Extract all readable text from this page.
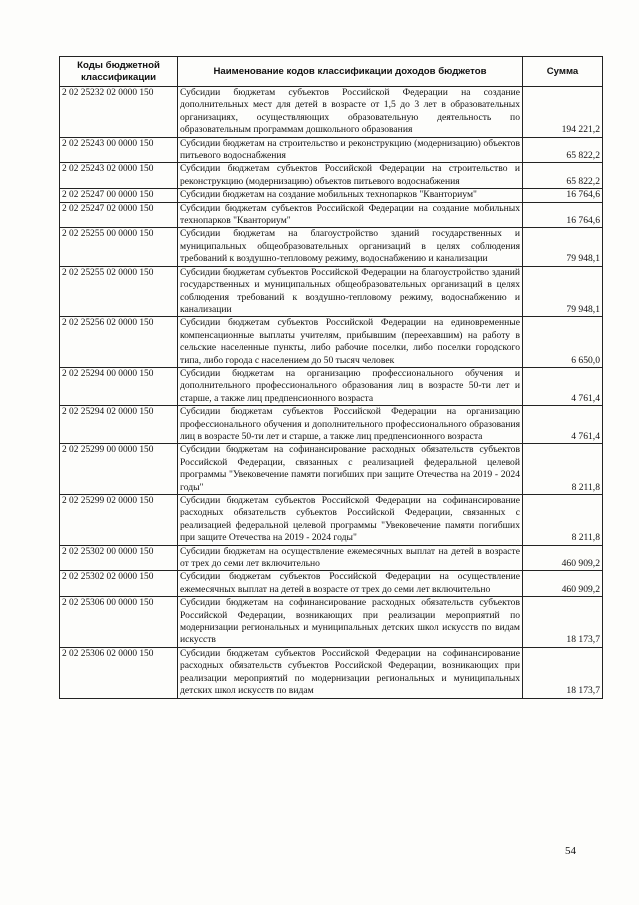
Коды бюджетной классификации	Наименование кодов классификации доходов бюджетов	Сумма
2 02 25232 02 0000 150	Субсидии бюджетам субъектов Российской Федерации на создание дополнительных мест для детей в возрасте от 1,5 до 3 лет в образовательных организациях, осуществляющих образовательную деятельность по образовательным программам дошкольного образования	194 221,2
2 02 25243 00 0000 150	Субсидии бюджетам на строительство и реконструкцию (модернизацию) объектов питьевого водоснабжения	65 822,2
2 02 25243 02 0000 150	Субсидии бюджетам субъектов Российской Федерации на строительство и реконструкцию (модернизацию) объектов питьевого водоснабжения	65 822,2
2 02 25247 00 0000 150	Субсидии бюджетам на создание мобильных технопарков "Кванториум"	16 764,6
2 02 25247 02 0000 150	Субсидии бюджетам субъектов Российской Федерации на создание мобильных технопарков "Кванториум"	16 764,6
2 02 25255 00 0000 150	Субсидии бюджетам на благоустройство зданий государственных и муниципальных общеобразовательных организаций в целях соблюдения требований к воздушно-тепловому режиму, водоснабжению и канализации	79 948,1
2 02 25255 02 0000 150	Субсидии бюджетам субъектов Российской Федерации на благоустройство зданий государственных и муниципальных общеобразовательных организаций в целях соблюдения требований к воздушно-тепловому режиму, водоснабжению и канализации	79 948,1
2 02 25256 02 0000 150	Субсидии бюджетам субъектов Российской Федерации на единовременные компенсационные выплаты учителям, прибывшим (переехавшим) на работу в сельские населенные пункты, либо рабочие поселки, либо поселки городского типа, либо города с населением до 50 тысяч человек	6 650,0
2 02 25294 00 0000 150	Субсидии бюджетам на организацию профессионального обучения и дополнительного профессионального образования лиц в возрасте 50-ти лет и старше, а также лиц предпенсионного возраста	4 761,4
2 02 25294 02 0000 150	Субсидии бюджетам субъектов Российской Федерации на организацию профессионального обучения и дополнительного профессионального образования лиц в возрасте 50-ти лет и старше, а также лиц предпенсионного возраста	4 761,4
2 02 25299 00 0000 150	Субсидии бюджетам на софинансирование расходных обязательств субъектов Российской Федерации, связанных с реализацией федеральной целевой программы "Увековечение памяти погибших при защите Отечества на 2019 - 2024 годы"	8 211,8
2 02 25299 02 0000 150	Субсидии бюджетам субъектов Российской Федерации на софинансирование расходных обязательств субъектов Российской Федерации, связанных с реализацией федеральной целевой программы "Увековечение памяти погибших при защите Отечества на 2019 - 2024 годы"	8 211,8
2 02 25302 00 0000 150	Субсидии бюджетам на осуществление ежемесячных выплат на детей в возрасте от трех до семи лет включительно	460 909,2
2 02 25302 02 0000 150	Субсидии бюджетам субъектов Российской Федерации на осуществление ежемесячных выплат на детей в возрасте от трех до семи лет включительно	460 909,2
2 02 25306 00 0000 150	Субсидии бюджетам на софинансирование расходных обязательств субъектов Российской Федерации, возникающих при реализации мероприятий по модернизации региональных и муниципальных детских школ искусств по видам искусств	18 173,7
2 02 25306 02 0000 150	Субсидии бюджетам субъектов Российской Федерации на софинансирование расходных обязательств субъектов Российской Федерации, возникающих при реализации мероприятий по модернизации региональных и муниципальных детских школ искусств по видам	18 173,7
54
